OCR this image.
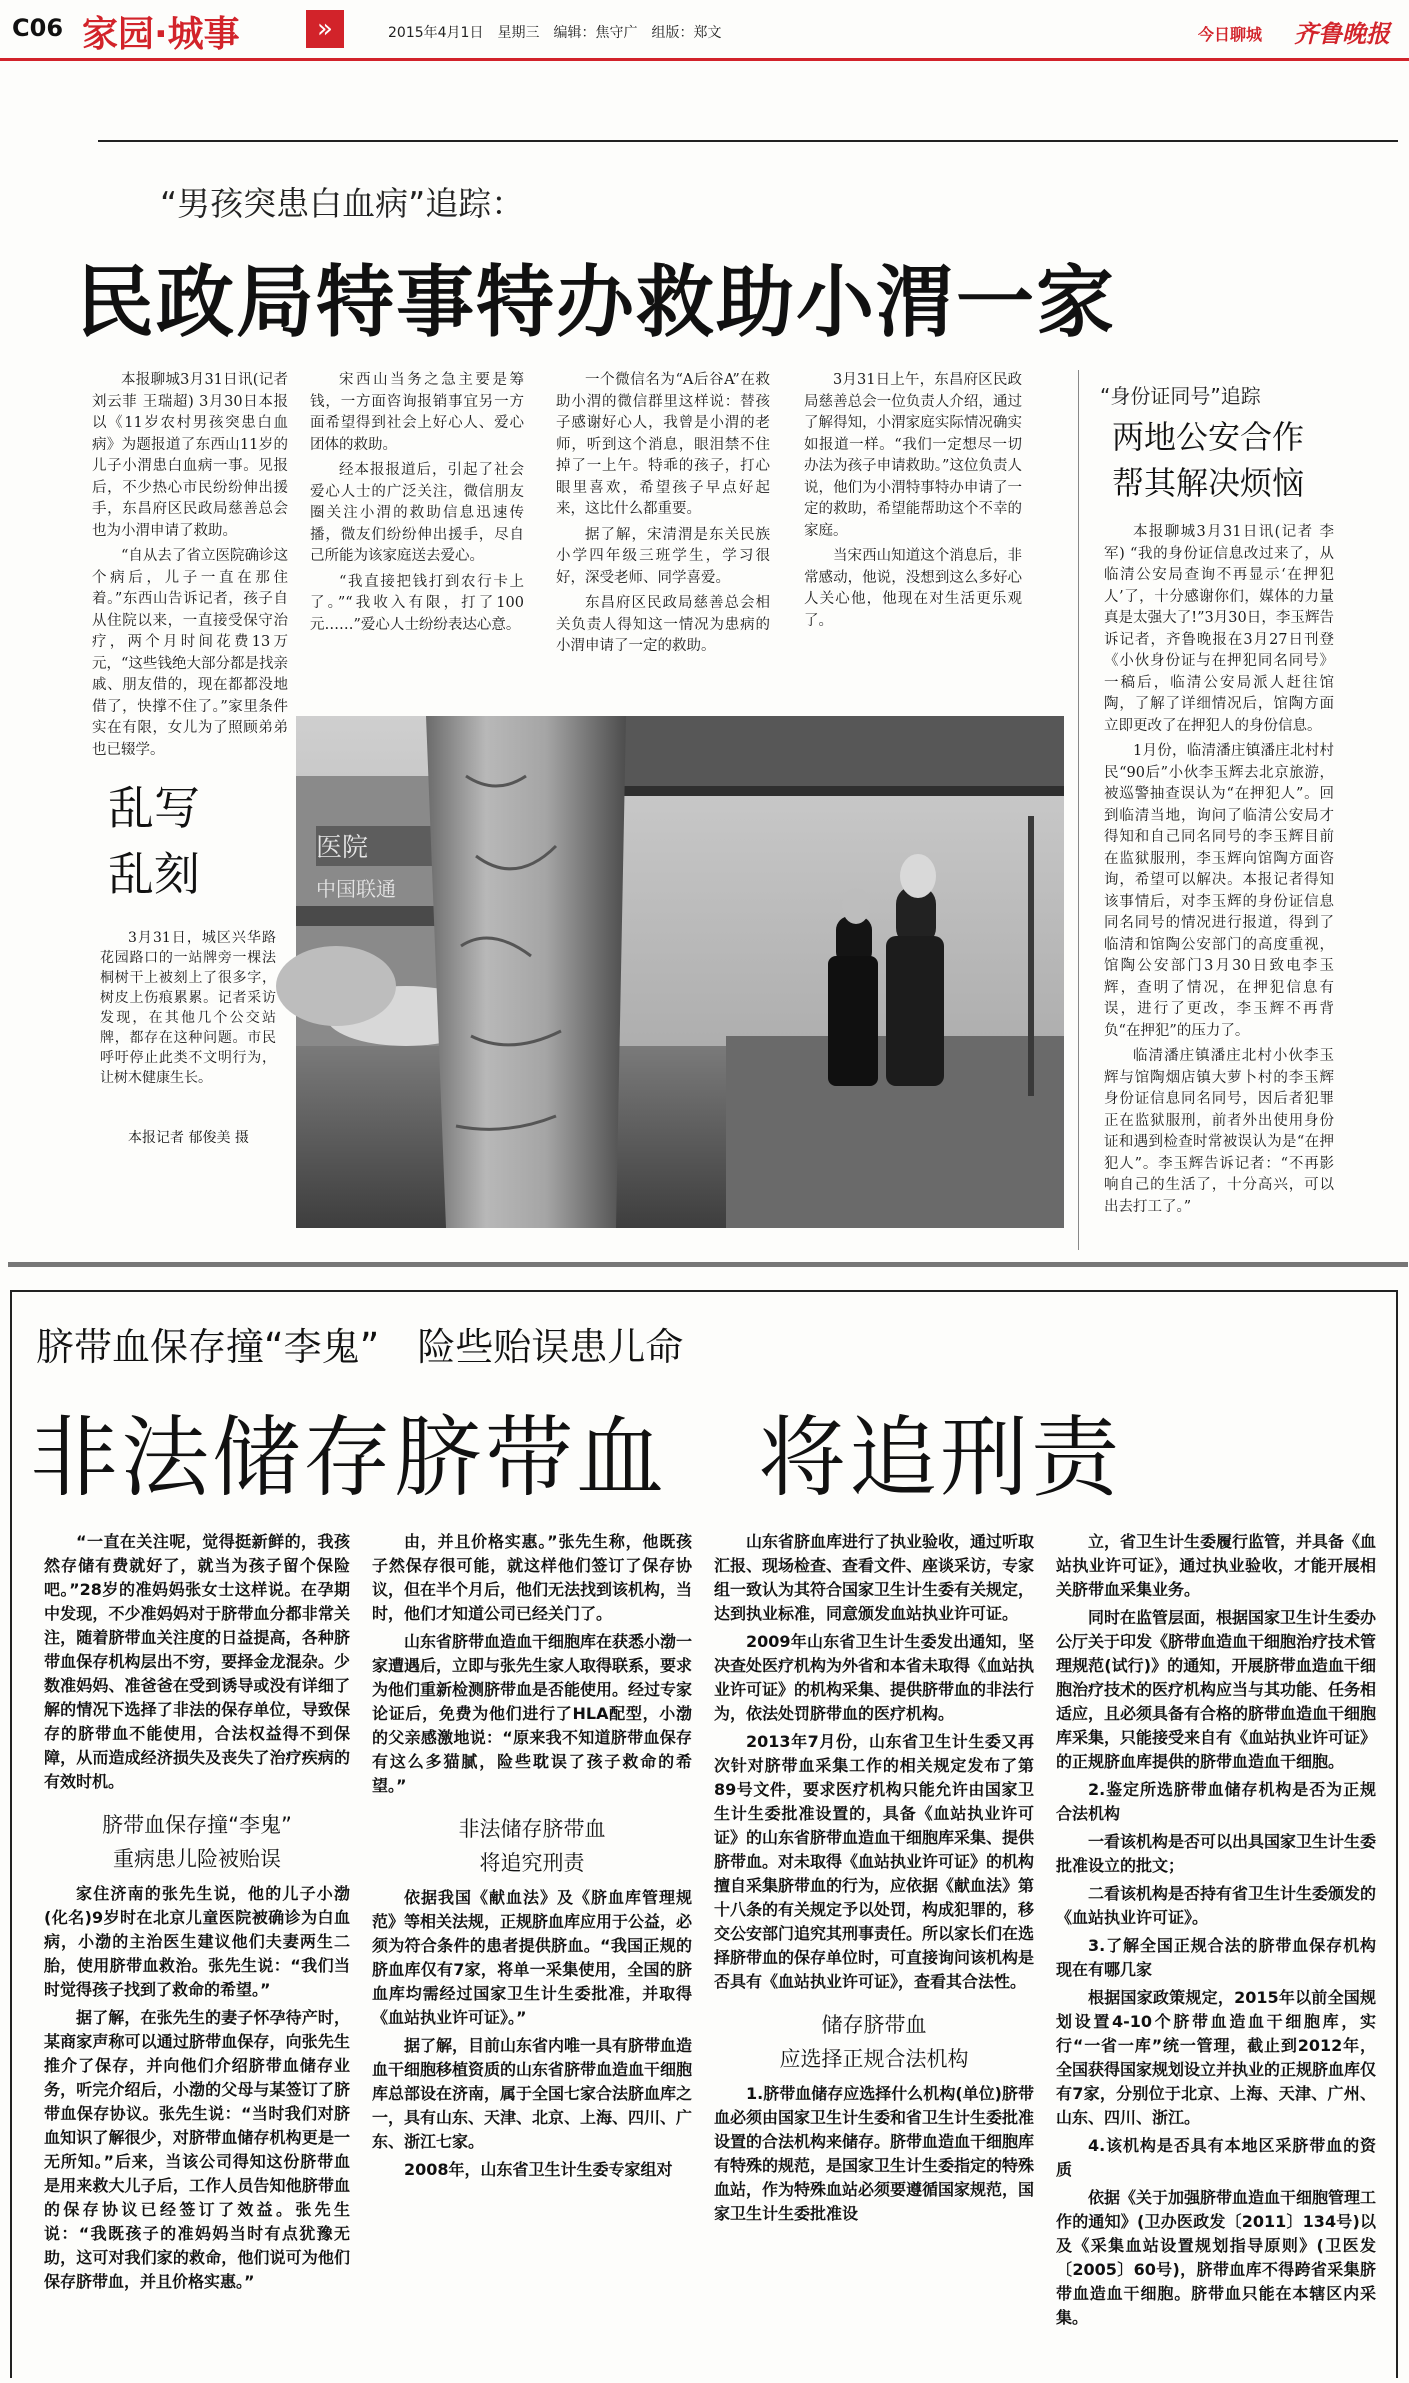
C06 家园·城事	»	2015年4月1日　星期三　编辑：焦守广　组版：郑文	今日聊城 齐鲁晚报
“男孩突患白血病”追踪：
民政局特事特办救助小渭一家

本报聊城3月31日讯(记者 刘云菲 王瑞超) 3月30日本报以《11岁农村男孩突患白血病》为题报道了东西山11岁的儿子小渭患白血病一事。见报后，不少热心市民纷纷伸出援手，东昌府区民政局慈善总会也为小渭申请了救助。

“自从去了省立医院确诊这个病后，儿子一直在那住着。”东西山告诉记者，孩子自从住院以来，一直接受保守治疗，两个月时间花费13万元，“这些钱绝大部分都是找亲戚、朋友借的，现在都都没地借了，快撑不住了。”家里条件实在有限，女儿为了照顾弟弟也已辍学。

宋西山当务之急主要是筹钱，一方面咨询报销事宜另一方面希望得到社会上好心人、爱心团体的救助。

经本报报道后，引起了社会爱心人士的广泛关注，微信朋友圈关注小渭的救助信息迅速传播，微友们纷纷伸出援手，尽自己所能为该家庭送去爱心。

“我直接把钱打到农行卡上了。”“我收入有限，打了100元……”爱心人士纷纷表达心意。

一个微信名为“A后谷A”在救助小渭的微信群里这样说：替孩子感谢好心人，我曾是小渭的老师，听到这个消息，眼泪禁不住掉了一上午。特乖的孩子，打心眼里喜欢，希望孩子早点好起来，这比什么都重要。

据了解，宋清渭是东关民族小学四年级三班学生，学习很好，深受老师、同学喜爱。

东昌府区民政局慈善总会相关负责人得知这一情况为患病的小渭申请了一定的救助。

3月31日上午，东昌府区民政局慈善总会一位负责人介绍，通过了解得知，小渭家庭实际情况确实如报道一样。“我们一定想尽一切办法为孩子申请救助。”这位负责人说，他们为小渭特事特办申请了一定的救助，希望能帮助这个不幸的家庭。

当宋西山知道这个消息后，非常感动，他说，没想到这么多好心人关心他，他现在对生活更乐观了。

“身份证同号”追踪
两地公安合作
帮其解决烦恼

本报聊城3月31日讯(记者 李军) “我的身份证信息改过来了，从临清公安局查询不再显示‘在押犯人’了，十分感谢你们，媒体的力量真是太强大了!”3月30日，李玉辉告诉记者，齐鲁晚报在3月27日刊登《小伙身份证与在押犯同名同号》一稿后，临清公安局派人赶往馆陶，了解了详细情况后，馆陶方面立即更改了在押犯人的身份信息。

1月份，临清潘庄镇潘庄北村村民“90后”小伙李玉辉去北京旅游，被巡警抽查误认为“在押犯人”。回到临清当地，询问了临清公安局才得知和自己同名同号的李玉辉目前在监狱服刑，李玉辉向馆陶方面咨询，希望可以解决。本报记者得知该事情后，对李玉辉的身份证信息同名同号的情况进行报道，得到了临清和馆陶公安部门的高度重视，馆陶公安部门3月30日致电李玉辉，查明了情况，在押犯信息有误，进行了更改，李玉辉不再背负“在押犯”的压力了。

临清潘庄镇潘庄北村小伙李玉辉与馆陶烟店镇大萝卜村的李玉辉身份证信息同名同号，因后者犯罪正在监狱服刑，前者外出使用身份证和遇到检查时常被误认为是“在押犯人”。李玉辉告诉记者：“不再影响自己的生活了，十分高兴，可以出去打工了。”

乱写
乱刻

3月31日，城区兴华路花园路口的一站牌旁一棵法桐树干上被刻上了很多字，树皮上伤痕累累。记者采访发现，在其他几个公交站牌，都存在这种问题。市民呼吁停止此类不文明行为，让树木健康生长。

本报记者 郁俊美 摄
医院
中国联通
脐带血保存撞“李鬼”　险些贻误患儿命
非法储存脐带血　将追刑责

“一直在关注呢，觉得挺新鲜的，我孩然存储有费就好了，就当为孩子留个保险吧。”28岁的准妈妈张女士这样说。在孕期中发现，不少准妈妈对于脐带血分都非常关注，随着脐带血关注度的日益提高，各种脐带血保存机构层出不穷，要择金龙混杂。少数准妈妈、准爸爸在受到诱导或没有详细了解的情况下选择了非法的保存单位，导致保存的脐带血不能使用，合法权益得不到保障，从而造成经济损失及丧失了治疗疾病的有效时机。

脐带血保存撞“李鬼”
重病患儿险被贻误

家住济南的张先生说，他的儿子小渤(化名)9岁时在北京儿童医院被确诊为白血病，小渤的主治医生建议他们夫妻两生二胎，使用脐带血救治。张先生说：“我们当时觉得孩子找到了救命的希望。”

据了解，在张先生的妻子怀孕待产时，某商家声称可以通过脐带血保存，向张先生推介了保存，并向他们介绍脐带血储存业务，听完介绍后，小渤的父母与某签订了脐带血保存协议。张先生说：“当时我们对脐血知识了解很少，对脐带血储存机构更是一无所知。”后来，当该公司得知这份脐带血是用来救大儿子后，工作人员告知他脐带血的保存协议已经签订了效益。张先生说：“我既孩子的准妈妈当时有点犹豫无助，这可对我们家的救命，他们说可为他们保存脐带血，并且价格实惠。”

由，并且价格实惠。”张先生称，他既孩子然保存很可能，就这样他们签订了保存协议，但在半个月后，他们无法找到该机构，当时，他们才知道公司已经关门了。

山东省脐带血造血干细胞库在获悉小渤一家遭遇后，立即与张先生家人取得联系，要求为他们重新检测脐带血是否能使用。经过专家论证后，免费为他们进行了HLA配型，小渤的父亲感激地说：“原来我不知道脐带血保存有这么多猫腻，险些耽误了孩子救命的希望。”

非法储存脐带血
将追究刑责

依据我国《献血法》及《脐血库管理规范》等相关法规，正规脐血库应用于公益，必须为符合条件的患者提供脐血。“我国正规的脐血库仅有7家，将单一采集使用，全国的脐血库均需经过国家卫生计生委批准，并取得《血站执业许可证》。”

据了解，目前山东省内唯一具有脐带血造血干细胞移植资质的山东省脐带血造血干细胞库总部设在济南，属于全国七家合法脐血库之一，具有山东、天津、北京、上海、四川、广东、浙江七家。

2008年，山东省卫生计生委专家组对

山东省脐血库进行了执业验收，通过听取汇报、现场检查、查看文件、座谈采访，专家组一致认为其符合国家卫生计生委有关规定，达到执业标准，同意颁发血站执业许可证。

2009年山东省卫生计生委发出通知，坚决查处医疗机构为外省和本省未取得《血站执业许可证》的机构采集、提供脐带血的非法行为，依法处罚脐带血的医疗机构。

2013年7月份，山东省卫生计生委又再次针对脐带血采集工作的相关规定发布了第89号文件，要求医疗机构只能允许由国家卫生计生委批准设置的，具备《血站执业许可证》的山东省脐带血造血干细胞库采集、提供脐带血。对未取得《血站执业许可证》的机构擅自采集脐带血的行为，应依据《献血法》第十八条的有关规定予以处罚，构成犯罪的，移交公安部门追究其刑事责任。所以家长们在选择脐带血的保存单位时，可直接询问该机构是否具有《血站执业许可证》，查看其合法性。

储存脐带血
应选择正规合法机构

1.脐带血储存应选择什么机构(单位)脐带血必须由国家卫生计生委和省卫生计生委批准设置的合法机构来储存。脐带血造血干细胞库有特殊的规范，是国家卫生计生委指定的特殊血站，作为特殊血站必须要遵循国家规范，国家卫生计生委批准设

立，省卫生计生委履行监管，并具备《血站执业许可证》，通过执业验收，才能开展相关脐带血采集业务。

同时在监管层面，根据国家卫生计生委办公厅关于印发《脐带血造血干细胞治疗技术管理规范(试行)》的通知，开展脐带血造血干细胞治疗技术的医疗机构应当与其功能、任务相适应，且必须具备有合格的脐带血造血干细胞库采集，只能接受来自有《血站执业许可证》的正规脐血库提供的脐带血造血干细胞。

2.鉴定所选脐带血储存机构是否为正规合法机构

一看该机构是否可以出具国家卫生计生委批准设立的批文；

二看该机构是否持有省卫生计生委颁发的《血站执业许可证》。

3.了解全国正规合法的脐带血保存机构现在有哪几家

根据国家政策规定，2015年以前全国规划设置4-10个脐带血造血干细胞库，实行“一省一库”统一管理，截止到2012年，全国获得国家规划设立并执业的正规脐血库仅有7家，分别位于北京、上海、天津、广州、山东、四川、浙江。

4.该机构是否具有本地区采脐带血的资质

依据《关于加强脐带血造血干细胞管理工作的通知》(卫办医政发〔2011〕134号)以及《采集血站设置规划指导原则》(卫医发〔2005〕60号)，脐带血库不得跨省采集脐带血造血干细胞。脐带血只能在本辖区内采集。
